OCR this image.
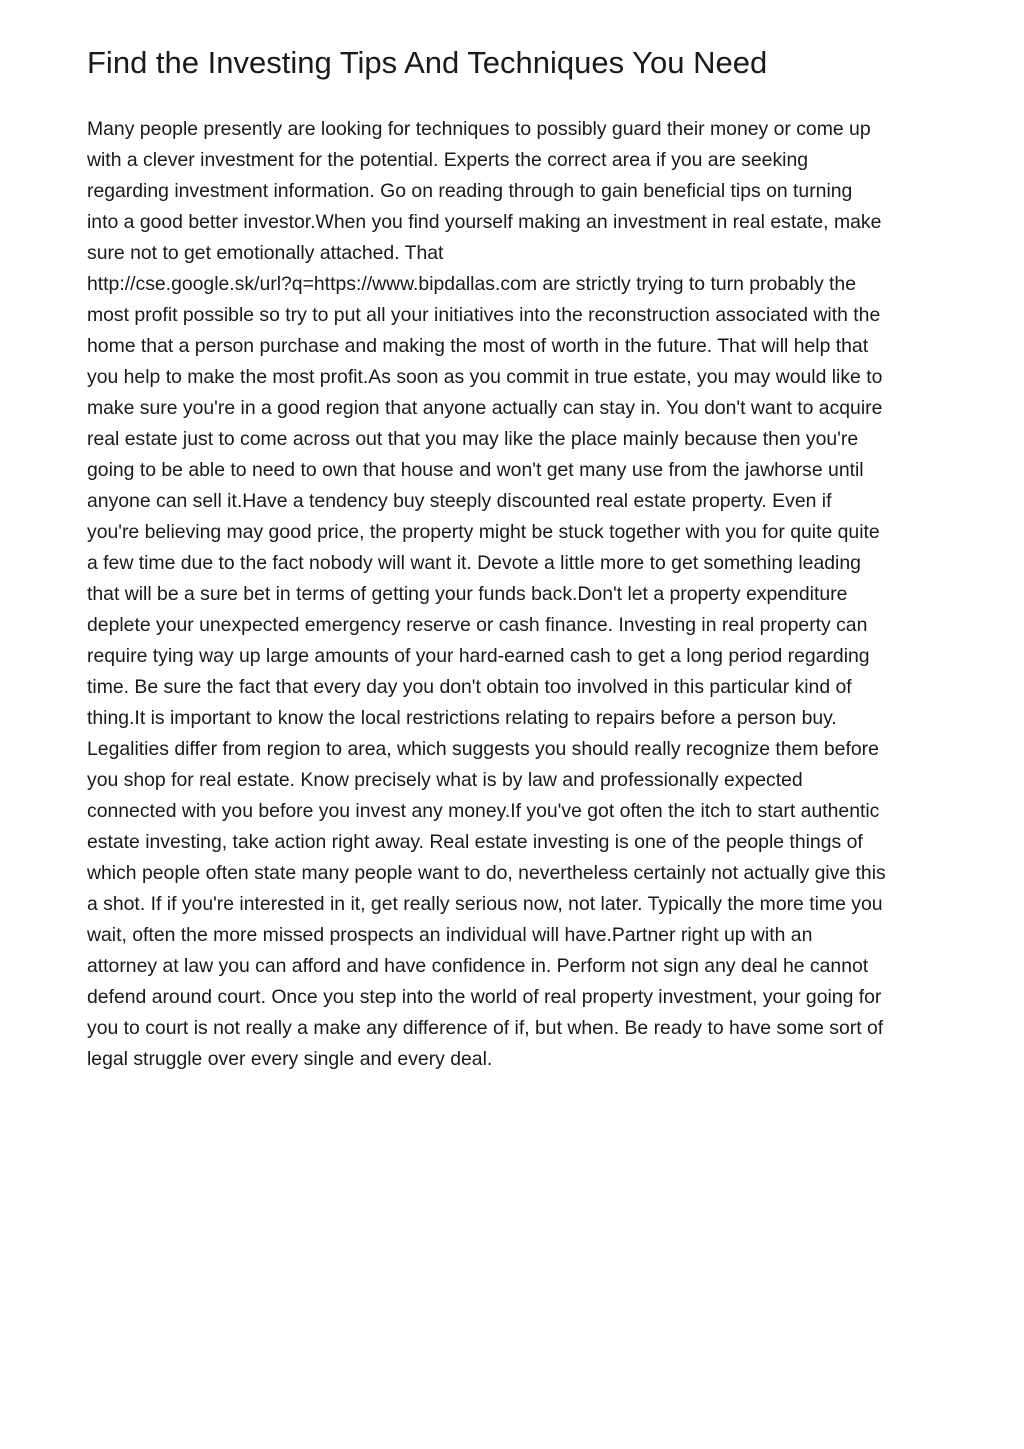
Find the Investing Tips And Techniques You Need
Many people presently are looking for techniques to possibly guard their money or come up
with a clever investment for the potential. Experts the correct area if you are seeking
regarding investment information. Go on reading through to gain beneficial tips on turning
into a good better investor.When you find yourself making an investment in real estate, make
sure not to get emotionally attached. That
http://cse.google.sk/url?q=https://www.bipdallas.com are strictly trying to turn probably the
most profit possible so try to put all your initiatives into the reconstruction associated with the
home that a person purchase and making the most of worth in the future. That will help that
you help to make the most profit.As soon as you commit in true estate, you may would like to
make sure you're in a good region that anyone actually can stay in. You don't want to acquire
real estate just to come across out that you may like the place mainly because then you're
going to be able to need to own that house and won't get many use from the jawhorse until
anyone can sell it.Have a tendency buy steeply discounted real estate property. Even if
you're believing may good price, the property might be stuck together with you for quite quite
a few time due to the fact nobody will want it. Devote a little more to get something leading
that will be a sure bet in terms of getting your funds back.Don't let a property expenditure
deplete your unexpected emergency reserve or cash finance. Investing in real property can
require tying way up large amounts of your hard-earned cash to get a long period regarding
time. Be sure the fact that every day you don't obtain too involved in this particular kind of
thing.It is important to know the local restrictions relating to repairs before a person buy.
Legalities differ from region to area, which suggests you should really recognize them before
you shop for real estate. Know precisely what is by law and professionally expected
connected with you before you invest any money.If you've got often the itch to start authentic
estate investing, take action right away. Real estate investing is one of the people things of
which people often state many people want to do, nevertheless certainly not actually give this
a shot. If if you're interested in it, get really serious now, not later. Typically the more time you
wait, often the more missed prospects an individual will have.Partner right up with an
attorney at law you can afford and have confidence in. Perform not sign any deal he cannot
defend around court. Once you step into the world of real property investment, your going for
you to court is not really a make any difference of if, but when. Be ready to have some sort of
legal struggle over every single and every deal.
